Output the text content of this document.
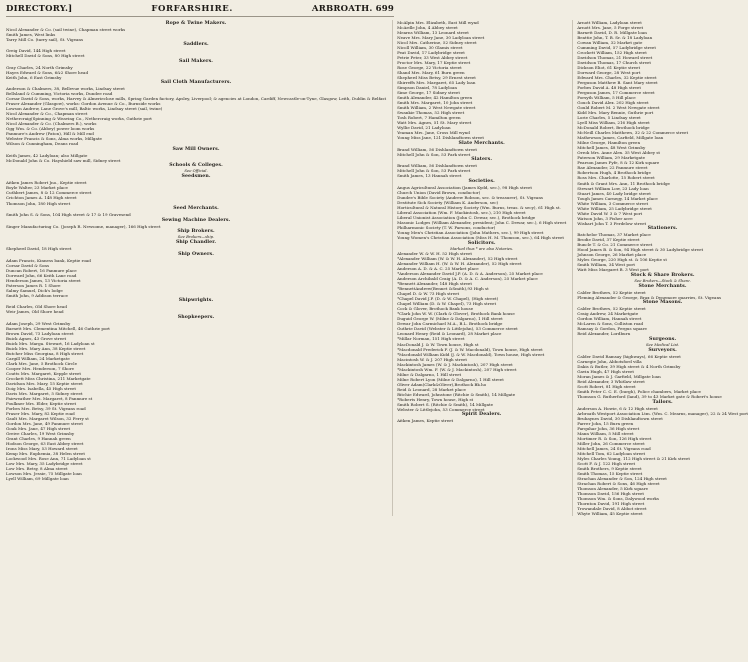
DIRECTORY.]	FORFARSHIRE.	ARBROATH. 699
Rope & Twine Makers.
Nicol Alexander & Co. (sail twine), Chapman street works
Smith James, West links
Tarry Mill Co. (tarry sail), St. Vigeans
Saddlers.
Greig David, 144 High street
Mitchell David & Sons, 80 High street
Sail Makers.
Gray Charles, 24 North Grimsby
Hayes Edward & Sons, 6&2 Shore head
Keith John, 6 East Grimsby
Sail Cloth Manufacturers.
Anderson & Chalmers, 38, Bellevue works, Lindsay street
Bellsland & Cumming, Victoria works, Dundee road
Corsar David & Sons, works, Harvey & Almerieclose mills, Spring Garden factory, Apsley, Liverpool; & agencies at London, Cardiff, Newcastle-on-Tyne, Glasgow, Leith, Dublin & Belfast
Fraser Alexander (Glasgow), works: Gordon Avenue & Co., Burnside works
Lowson Andrew, Lane Grove's mill, Baltic works, Lindsay street (sail, twine)
Nicol Alexander & Co., Chapman street
Nethercraig(Spinning & Weaving Co., Nethercraig works, Guthrie port
Nicol Alexander & Co. (Chalmers B.), works
Ogg Wm. & Co. (Abbey) power loom works
Panmure's Andrew (Paton), Hill & Mill end
Webster Francis & Sons, Alma works, Millgate
Wilson & Cunningham, Deans road
Saw Mill Owners.
Keith James, 42 Ladyloan; also Millgate
McDonald John & Co. Hayshield saw mill, Sidney street
Schools & Colleges.
See Official.
Seedsmen.
Aitken James Robert Jno., Keptie street
Boyle Walter, 23 Market place
Cuthbert James, 8 & 12 Commerce street
Crichton James A. 148 High street
Thomson John, 180 High street
Seed Merchants.
Smith John S. & Sons, 104 High street & 17 & 19 Gravesend
Sewing Machine Dealers.
Singer Manufacturing Co. (Joseph R. Newsome, manager), 166 High street
Ship Brokers.
See Brokers—ship.
Ship Chandler.
Shepherd David, 18 High street
Ship Owners.
Adam Francis, Kinness bank, Keptie road
Corsar David & Sons
Duncan Robert, 16 Panmure place
Dorward John, 66 Keith Lane road
Henderson James, 13 Victoria street
Paterson James R. 1 Shore
Salmy Samuel, Dick's lodge
Smith John, 9 Addison terrace
Shipwrights.
Reid Charles, Old Shore head
Weir James, Old Shore head
Shopkeepers.
Adam Joseph, 29 West Grimsby
Barnett Mrs. Clementina Mitchell, 46 Guthrie port
Brown David, 73 Ladyloan street
Buick Agnes, 43 Grove street
Buick Mrs. Marga. Stewart, 16 Ladyloan st
Buick Mrs. Mary Ann, 38 Keptie street
Butcher Miss Georgina, 8 High street
Cargill William, 24 Marketgate
Clark Mrs. Jane, 5 Brothock Circle
Cooper Mrs. Henderson, 7 Shore
Coutts Mrs. Margaret, Kepple street
Crockett Miss Christina, 211 Marketgate
Davidson Mrs. Mary, 15 Keptie street
Doig Mrs. Isabella, 45 High street
Davis Mrs. Margaret, 5 Sidney street
Fairweather Mrs. Margaret, 8 Panmure st
Foulkner Mrs. Elder, Keptie street
Forbes Mrs. Betsy, 39 St. Vigeans road
Fraser Mrs. Mary, 82 Keptie road
Gault Mrs. Margaret Wilson, 32 Ferry st
Gordon Mrs. Jane, 49 Panmure street
Gouk Mrs. Jane, 47 High street
Greive Charles, 19 West Grimsby
Grant Charles, 9 Hannah green
Hodson George, 63 East Abbey street
Irons Miss Mary, 53 Howard street
Kemp Mrs. Euphemia, 38 Helen street
Lockwood Mrs. Rose Ann, 71 Ladyloan st
Low Mrs. Mary, 35 Ladybridge street
Low Mrs. Betsy, 8 Alma street
Lowson Mrs. Jessie, 75 Millgate loan
Lyell William, 69 Millgate loan
McAlpin Mrs. Elizabeth, East Mill wynd
McArdle John, 4 Abbey street
Mearns William, 13 Leonard street
Neave Mrs. Mary Jane, 30 Ladyloan street
Nicol Mrs. Catherine, 52 Sidney street
Nicoll William, 30 Glamis street
Peat David, 17 Ladybridge street
Petrie Peter, 33 West Abbey street
Proctor Mrs. Mary, 17 Keptie street
Rose George, 22 Victoria street
Shand Mrs. Mary, 61 Burn green
Shepherd Miss Betsy, 29 Ernest street
Shirreffs Mrs. Margaret, 65 Lady loan
Simpson Daniel, 78 Ladyloan
Sime George, 17 Sidney street
Smith Alexander, 42 Hamilton green
Smith Mrs. Margaret, 10 John street
Smith William, 2 West Newgate street
Swankie Thomas, 52 High street
Tosh Robert, 7 Hamilton green
Watt Mrs. Agnes, 51 St. Mary street
Wyllie David, 21 Ladyloan
Yeaman Mrs. Jane, Cross Mill wynd
Young Miss Jane, 121 Dishlandtown street
Slate Merchants.
Brand William, 56 Dishlandtown street
Mitchell John & Son, 53 Park street
Slaters.
Brand William, 56 Dishlandtown street
Mitchell John & Son, 53 Park street
Smith James, 13 Hannah street
Societies.
Angus Agricultural Association (James Kydd, sec.), 98 High street
Church Union (David Brown, conductor)
Dundee's Bible Society (Andrew Robson, sec. & treasurer), St. Vigeans
Destitute Sick Society (William K. Anderson, sec)
Horticultural & Natural History Society (Wm. Burns, treas. & secy), 61 High st.
Liberal Association (Wm. F. Mackintosh, sec.), 210 High street
Liberal Unionist Association (John C. Dewar, sec.), Brothock bridge
Masonic Lodges (William Alexander, president; John C. Dewar, sec.), 6 High street
Philharmonic Society (T. W. Parsons, conductor)
Young Men's Christian Association (John Mathers, sec.), 99 High street
Young Women's Christian Association (Miss H. M. Thomson, sec.), 64 High street
Solicitors.
Marked thus * are also Notaries.
Alexander W. & W. H. 52 High street
*Alexander William (W. & W. H. Alexander), 52 High street
Alexander William H. (W. & W. H. Alexander), 52 High street
Anderson A. D. & A. C. 25 Market place
*Anderson Alexander David J.P. (A. D. & A. Anderson), 25 Market place
Anderson Archibald Craig (A. D. & A. C. Anderson), 25 Market place
*Bennett Alexander, 148 High street
*BennettAndrew(Bennet &Smith),93 High st
Chapel D. & W. 73 High street
*Chapel David J.P. (D. & W. Chapel), (High street)
Chapel William (D. & W. Chapel), 73 High street
Cock & Glover, Brothock Bank house
*Clark John W. W. (Clark & Glover), Brothock Bank house
Duguid George W. (Milne & Dalgarno), 1 Hill street
Dewar John Carmichael M.A., B.L. Brothock bridge
Guthrie David (Webster & Littlejohn), 53 Commerce street
Leonard Henry (Reid & Leonard), 28 Market place
*Millar Norman, 151 High street
MacDonald J. & W. Town house, High st
*Macdonald Frederick F. (J. & W. Macdonald), Town house, High street
*Macdonald William Kidd (J. & W. Macdonald), Town house, High street
Macintosh W. & J. 207 High street
Mackintosh James (W. & J. Mackintosh), 207 High street
*Mackintosh Wm. F. (W. & J. Mackintosh), 207 High street
Milne & Dalgarno, 1 Hill street
Milne Robert Lyon (Milne & Dalgarno), 1 Hill street
Oliver Adam(Clark&Oliver),Brothock Bk.ho
Reid & Leonard, 28 Market place
Ritchie Edward, Johnstone (Ritchie & Smith), 14 Millgate
*Roberts Henry, Town house, High st
Smith Robert S. (Ritchie & Smith), 14 Millgate
Webster & Littlejohn, 53 Commerce street
Spirit Dealers.
Aitken James, Keptie street
Arnott William, Ladyloan street
Arnott Mrs. Jane, 5 Forge street
Barnett David, D. R. Millgate loan
Beattie John, T. B. Sr. & 18 Ladyloan
Cowan William, 32 Market gate
Cumming David, 57 Ladybridge street
Crockett William, 152 High street
Davidson Thomas, 21 Howard street
Davidson Thomas, 17 Church street
Dickson Eliot, 61 Keptie street
Dorward George, 28 West port
Edward Mrs. Charles, 32 Keptie street
Ferguson Matthew B. Sant Mary street
Forbes David A. 48 High street
Ferguson James, 17 Commerce street
Forsyth William, 5 Hill place
Gouch David Alex. 202 High street
Gould Robert M. 2 West Newgate street
Kidd Mrs. Mary Bennie, Guthrie port
Lorie Charles, 5 Lindsay street
Lyell Miss William, 216 High street
McDonald Robert, Brothock bridge
McNeill Charles Matthews, 32 & 22 Commerce street
Mathewson James, Carfield, Millgate loan
Milne George, Hamilton green
Mitchell James, 48 West Grimsby
Orrok Mrs. Anne Alex. 35 West Abbey st
Paterson William, 29 Marketgate
Pearson James Fyfe, 8 & 12 Kirk square
Rae Alexander, 22 Panmure street
Robertson Hugh, 4 Brothock bridge
Ross Mrs. Charlotte, 15 Robert street
Smith & Grant Mrs. Ann, 11 Brothock bridge
Stewart William Low, 23 Lady loan
Stuart James, 40 Lady bridge street
Tough James Carnegy, 14 Market place
White William, 3 Commerce street
White William, 25 Ladybridge street
White David W. 3 & 7 West port
Watson John, 3 Fisher acre
Wishart John T. 3 Ferdelow street
Stationers.
Batchelor Thomas, 37 Market place
Brodie David, 37 Keptie street
Buncle T. & Co. 21 Commerce street
Hood James B. & Son, 94 High street & 30 Ladybridge street
Johnson George, 26 Market place
Myles George, 220 High st. & 106 Keptie st
Smith William, 34 West port
Watt Miss Margaret B. 3 West port
Stock & Share Brokers.
See Brokers—Stock & Share.
Stone Merchants.
Calder Brothers, 52 Keptie street
Fleming Alexander & George, Brax & Dynemore quarries, St. Vigeans
Stone Masons.
Calder Brothers, 52 Keptie street
Craig Andrew, 24 Marketgate
Gordon William, Hannah street
McLaren & Sons, Colliston road
Ramsay & Gordon, Fergus square
Reid Alexander, Lordburn
Surgeons.
See Medical List.
Surveyors.
Calder David Ramsay (highways), 66 Keptie street
Carnegie John, Abbotsford villa
Dakis & Butler, 39 High street & 4 North Grimsby
Gavin Hugh, 47 High street
Moran James & J. Garfield, Millgate loan
Reid Alexander, 3 Whitlaw street
Scott Robert, 81 High street
Smith Peter C. C. E. (burgh), Police chambers, Market place
Thomson G. Rutherford (land), 39 to 43 Market gate & Robert's house
Tailors.
Anderson A. Howie, 6 & 12 High street
Arbroath Westport Association Ltm. (Wm. C. Mearns, manager), 22 & 24 West port
Brubaynes David, 30 Dishlandtown street
Farrer John, 15 Burn green
Farquhar John, 36 High street
Mann William, 5 Mill street
Mortimer R. & Son, 126 High street
Miller John, 26 Commerce street
Mitchell James, 24 St. Vigeans road
Mitchell Tom, 62 Ladyloan street
Myles Charles Young, 112 High street & 21 Kirk street
Scott F. & J. 122 High street
Smith Brothers, 9 Keptie street
Smith Thomas, 15 Keptie street
Strachan Alexander & Son, 124 High street
Strachan Robert & Sons, 46 High street
Thomson Alexander, 5 Kirk square
Thomson David, 156 High street
Thomson Wm. & Sons, Dalywood works
Thornton David, 191 High street
Trowandale David, 8 Abbot street
Whyte William, 45 Keptie street
